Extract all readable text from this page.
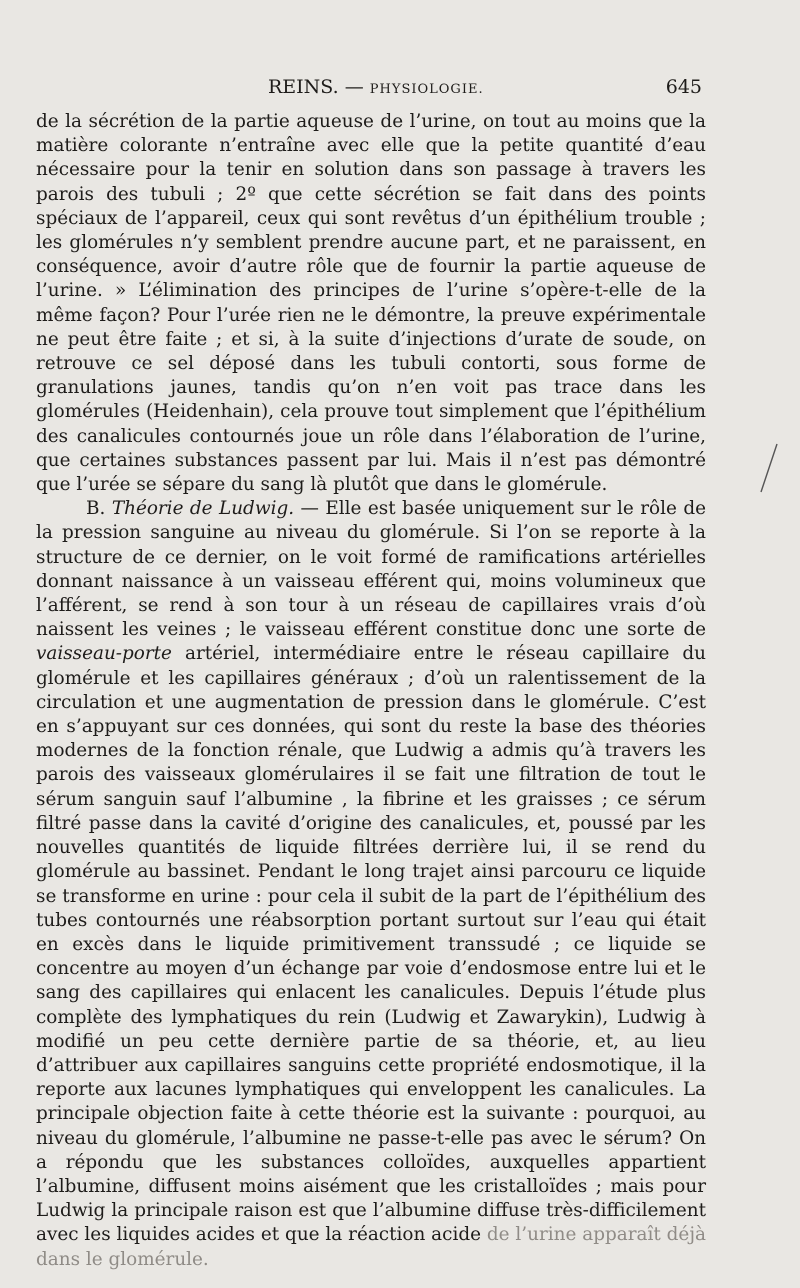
REINS. — PHYSIOLOGIE.	645

de la sécrétion de la partie aqueuse de l’urine, on tout au moins que la matière colorante n’entraîne avec elle que la petite quantité d’eau nécessaire pour la tenir en solution dans son passage à travers les parois des tubuli ; 2º que cette sécrétion se fait dans des points spéciaux de l’appareil, ceux qui sont revêtus d’un épithélium trouble ; les glomérules n’y semblent prendre aucune part, et ne paraissent, en conséquence, avoir d’autre rôle que de fournir la partie aqueuse de l’urine. » L’élimination des principes de l’urine s’opère-t-elle de la même façon? Pour l’urée rien ne le démontre, la preuve expérimentale ne peut être faite ; et si, à la suite d’injections d’urate de soude, on retrouve ce sel déposé dans les tubuli contorti, sous forme de granulations jaunes, tandis qu’on n’en voit pas trace dans les glomérules (Heidenhain), cela prouve tout simplement que l’épithélium des canalicules contournés joue un rôle dans l’élaboration de l’urine, que certaines substances passent par lui. Mais il n’est pas démontré que l’urée se sépare du sang là plutôt que dans le glomérule.

B. Théorie de Ludwig. — Elle est basée uniquement sur le rôle de la pression sanguine au niveau du glomérule. Si l’on se reporte à la structure de ce dernier, on le voit formé de ramifications artérielles donnant naissance à un vaisseau efférent qui, moins volumineux que l’afférent, se rend à son tour à un réseau de capillaires vrais d’où naissent les veines ; le vaisseau efférent constitue donc une sorte de vaisseau-porte artériel, intermédiaire entre le réseau capillaire du glomérule et les capillaires généraux ; d’où un ralentissement de la circulation et une augmentation de pression dans le glomérule. C’est en s’appuyant sur ces données, qui sont du reste la base des théories modernes de la fonction rénale, que Ludwig a admis qu’à travers les parois des vaisseaux glomérulaires il se fait une filtration de tout le sérum sanguin sauf l’albumine , la fibrine et les graisses ; ce sérum filtré passe dans la cavité d’origine des canalicules, et, poussé par les nouvelles quantités de liquide filtrées derrière lui, il se rend du glomérule au bassinet. Pendant le long trajet ainsi parcouru ce liquide se transforme en urine : pour cela il subit de la part de l’épithélium des tubes contournés une réabsorption portant surtout sur l’eau qui était en excès dans le liquide primitivement transsudé ; ce liquide se concentre au moyen d’un échange par voie d’endosmose entre lui et le sang des capillaires qui enlacent les canalicules. Depuis l’étude plus complète des lymphatiques du rein (Ludwig et Zawarykin), Ludwig à modifié un peu cette dernière partie de sa théorie, et, au lieu d’attribuer aux capillaires sanguins cette propriété endosmotique, il la reporte aux lacunes lymphatiques qui enveloppent les canalicules. La principale objection faite à cette théorie est la suivante : pourquoi, au niveau du glomérule, l’albumine ne passe-t-elle pas avec le sérum? On a répondu que les substances colloïdes, auxquelles appartient l’albumine, diffusent moins aisément que les cristalloïdes ; mais pour Ludwig la principale raison est que l’albumine diffuse très-difficilement avec les liquides acides et que la réaction acide de l’urine apparaît déjà dans le glomérule.
